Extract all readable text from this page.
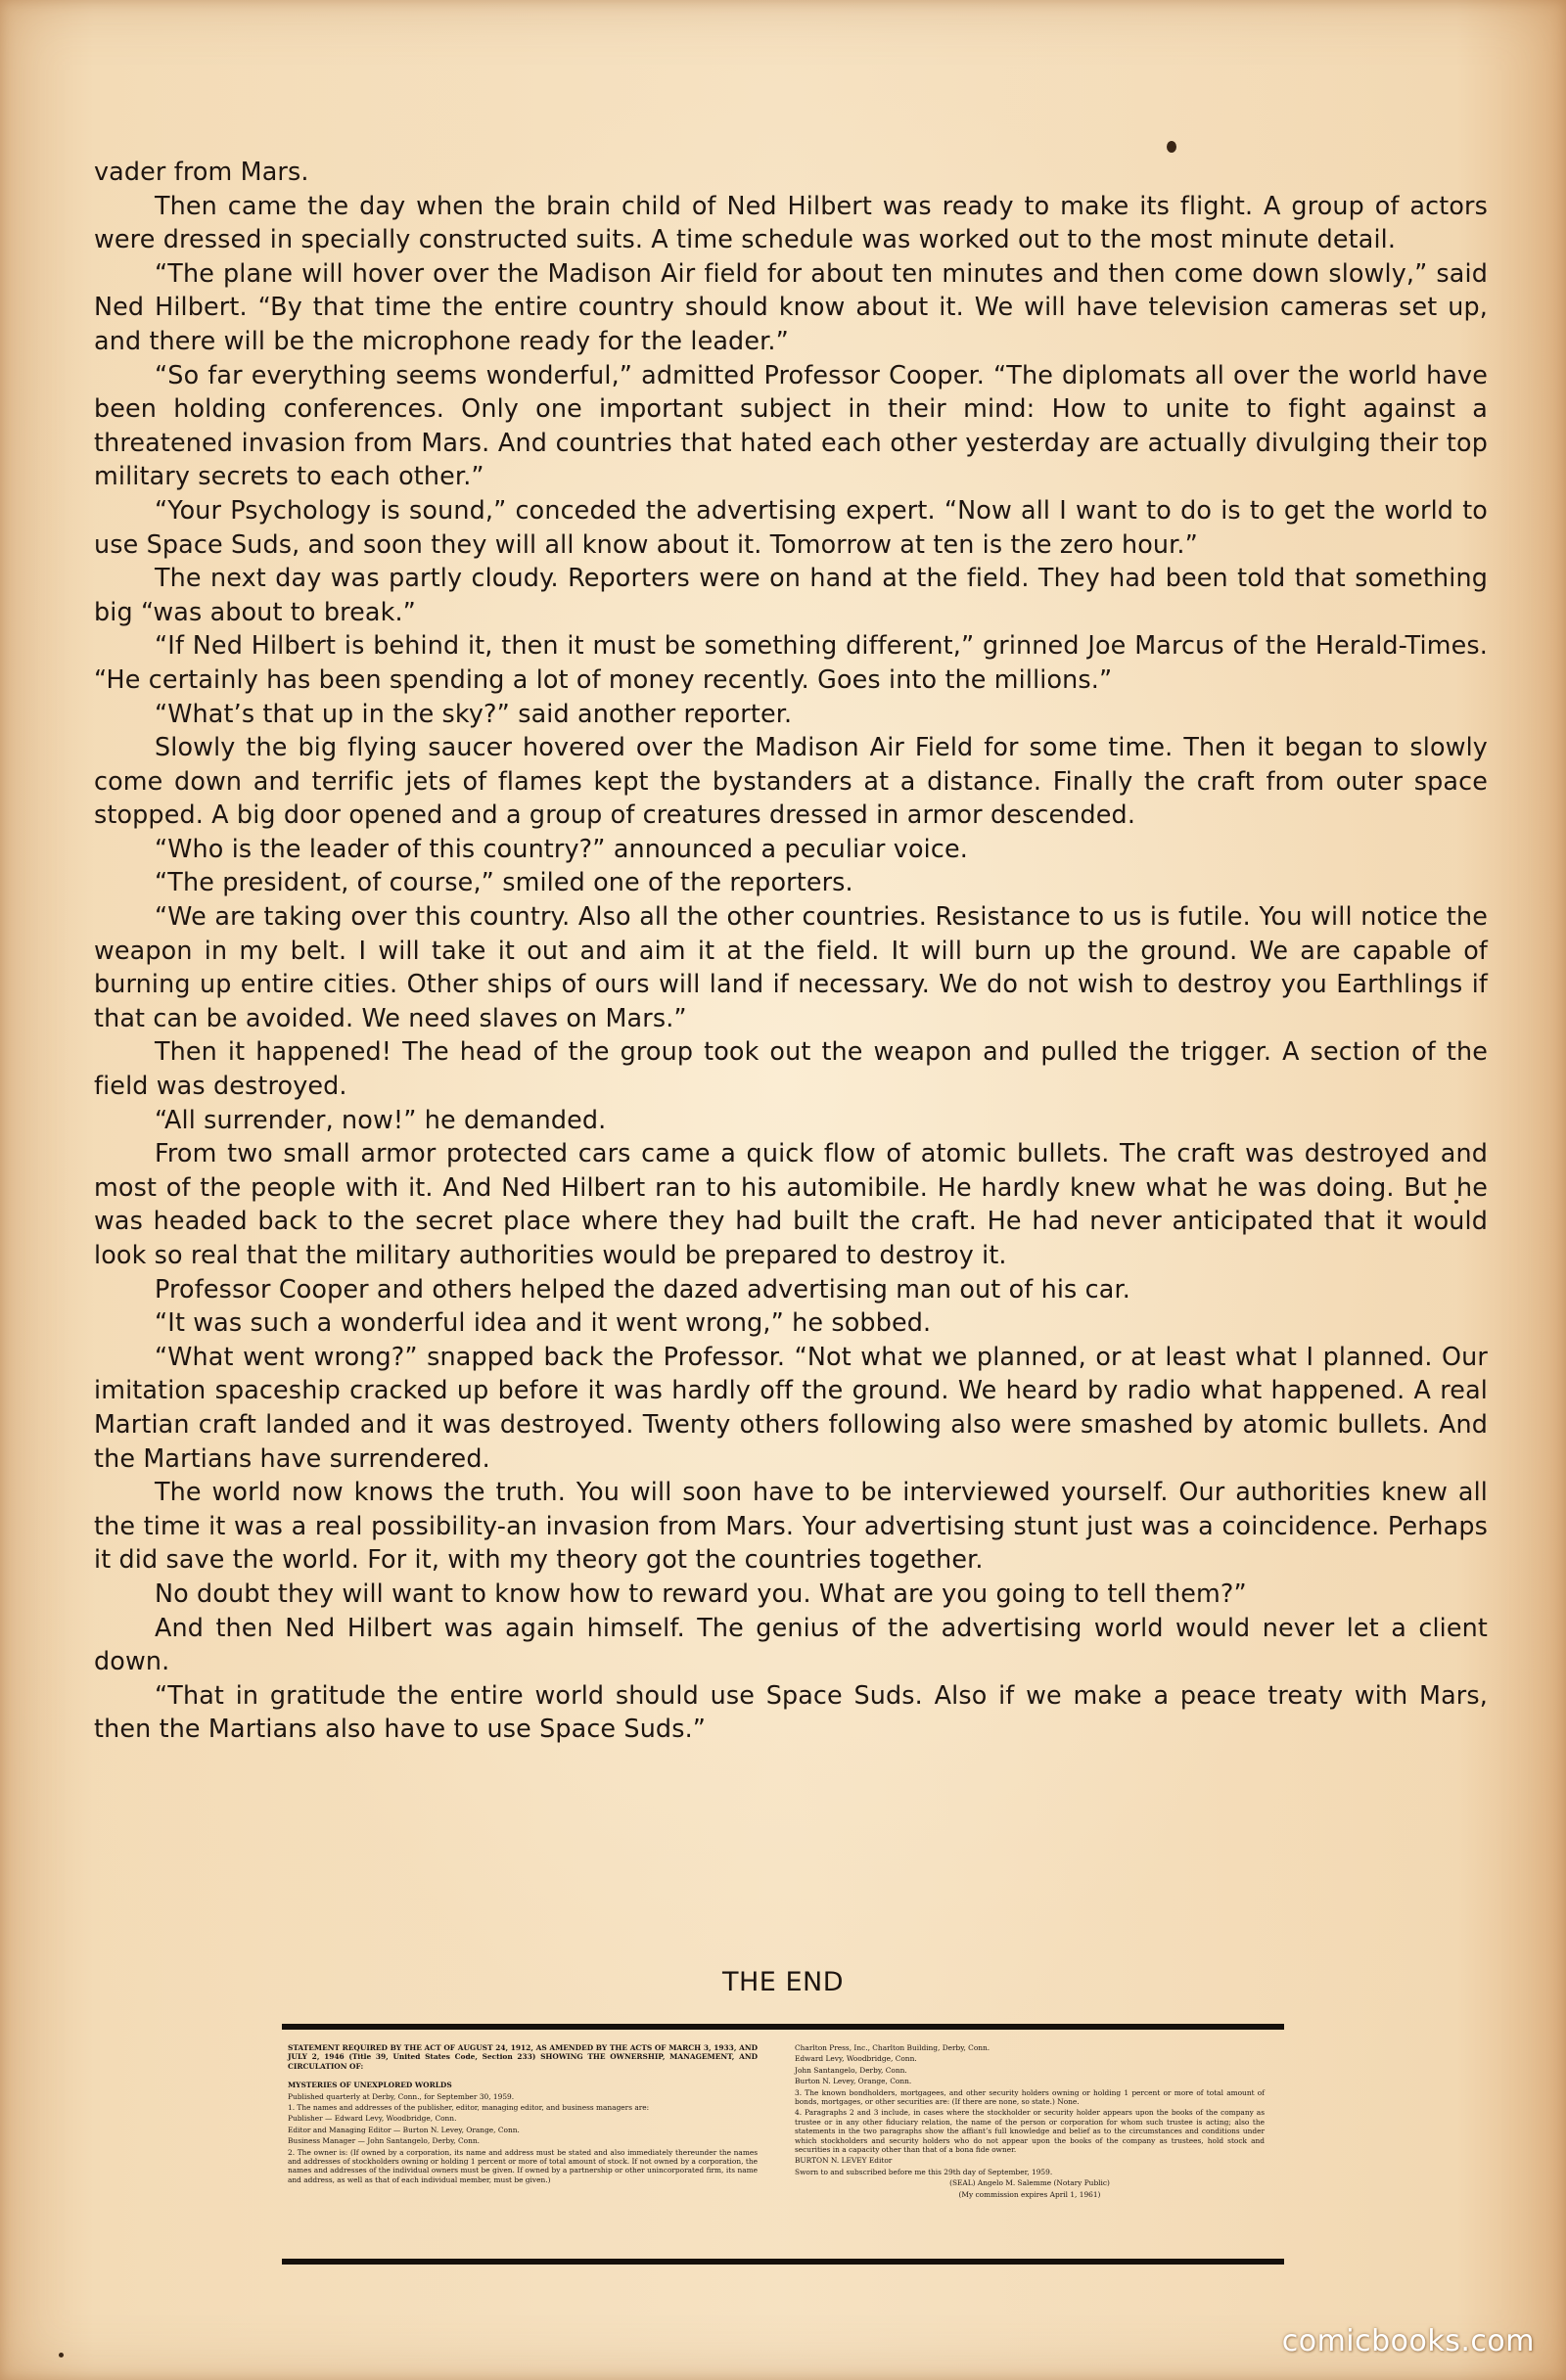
vader from Mars.

Then came the day when the brain child of Ned Hilbert was ready to make its flight. A group of actors were dressed in specially constructed suits. A time schedule was worked out to the most minute detail.

“The plane will hover over the Madison Air field for about ten minutes and then come down slowly,” said Ned Hilbert. “By that time the entire country should know about it. We will have television cameras set up, and there will be the microphone ready for the leader.”

“So far everything seems wonderful,” admitted Professor Cooper. “The diplomats all over the world have been holding conferences. Only one important subject in their mind: How to unite to fight against a threatened invasion from Mars. And countries that hated each other yesterday are actually divulging their top military secrets to each other.”

“Your Psychology is sound,” conceded the advertising expert. “Now all I want to do is to get the world to use Space Suds, and soon they will all know about it. Tomorrow at ten is the zero hour.”

The next day was partly cloudy. Reporters were on hand at the field. They had been told that something big “was about to break.”

“If Ned Hilbert is behind it, then it must be something different,” grinned Joe Marcus of the Herald-Times. “He certainly has been spending a lot of money recently. Goes into the millions.”

“What’s that up in the sky?” said another reporter.

Slowly the big flying saucer hovered over the Madison Air Field for some time. Then it began to slowly come down and terrific jets of flames kept the bystanders at a distance. Finally the craft from outer space stopped. A big door opened and a group of creatures dressed in armor descended.

“Who is the leader of this country?” announced a peculiar voice.

“The president, of course,” smiled one of the reporters.

“We are taking over this country. Also all the other countries. Resistance to us is futile. You will notice the weapon in my belt. I will take it out and aim it at the field. It will burn up the ground. We are capable of burning up entire cities. Other ships of ours will land if necessary. We do not wish to destroy you Earthlings if that can be avoided. We need slaves on Mars.”

Then it happened! The head of the group took out the weapon and pulled the trigger. A section of the field was destroyed.

“All surrender, now!” he demanded.

From two small armor protected cars came a quick flow of atomic bullets. The craft was destroyed and most of the people with it. And Ned Hilbert ran to his automibile. He hardly knew what he was doing. But he was headed back to the secret place where they had built the craft. He had never anticipated that it would look so real that the military authorities would be prepared to destroy it.

Professor Cooper and others helped the dazed advertising man out of his car.

“It was such a wonderful idea and it went wrong,” he sobbed.

“What went wrong?” snapped back the Professor. “Not what we planned, or at least what I planned. Our imitation spaceship cracked up before it was hardly off the ground. We heard by radio what happened. A real Martian craft landed and it was destroyed. Twenty others following also were smashed by atomic bullets. And the Martians have surrendered.

The world now knows the truth. You will soon have to be interviewed yourself. Our authorities knew all the time it was a real possibility-an invasion from Mars. Your advertising stunt just was a coincidence. Perhaps it did save the world. For it, with my theory got the countries together.

No doubt they will want to know how to reward you. What are you going to tell them?”

And then Ned Hilbert was again himself. The genius of the advertising world would never let a client down.

“That in gratitude the entire world should use Space Suds. Also if we make a peace treaty with Mars, then the Martians also have to use Space Suds.”

THE END

STATEMENT REQUIRED BY THE ACT OF AUGUST 24, 1912, AS AMENDED BY THE ACTS OF MARCH 3, 1933, AND JULY 2, 1946 (Title 39, United States Code, Section 233) SHOWING THE OWNERSHIP, MANAGEMENT, AND CIRCULATION OF:

MYSTERIES OF UNEXPLORED WORLDS

Published quarterly at Derby, Conn., for September 30, 1959.

1. The names and addresses of the publisher, editor, managing editor, and business managers are:

Publisher — Edward Levy, Woodbridge, Conn.

Editor and Managing Editor — Burton N. Levey, Orange, Conn.

Business Manager — John Santangelo, Derby, Conn.

2. The owner is: (If owned by a corporation, its name and address must be stated and also immediately thereunder the names and addresses of stockholders owning or holding 1 percent or more of total amount of stock. If not owned by a corporation, the names and addresses of the individual owners must be given. If owned by a partnership or other unincorporated firm, its name and address, as well as that of each individual member, must be given.)

Charlton Press, Inc., Charlton Building, Derby, Conn.

Edward Levy, Woodbridge, Conn.

John Santangelo, Derby, Conn.

Burton N. Levey, Orange, Conn.

3. The known bondholders, mortgagees, and other security holders owning or holding 1 percent or more of total amount of bonds, mortgages, or other securities are: (If there are none, so state.) None.

4. Paragraphs 2 and 3 include, in cases where the stockholder or security holder appears upon the books of the company as trustee or in any other fiduciary relation, the name of the person or corporation for whom such trustee is acting; also the statements in the two paragraphs show the affiant’s full knowledge and belief as to the circumstances and conditions under which stockholders and security holders who do not appear upon the books of the company as trustees, hold stock and securities in a capacity other than that of a bona fide owner.

BURTON N. LEVEY Editor

Sworn to and subscribed before me this 29th day of September, 1959.

(SEAL) Angelo M. Salemme (Notary Public)

(My commission expires April 1, 1961)

comicbooks.com
